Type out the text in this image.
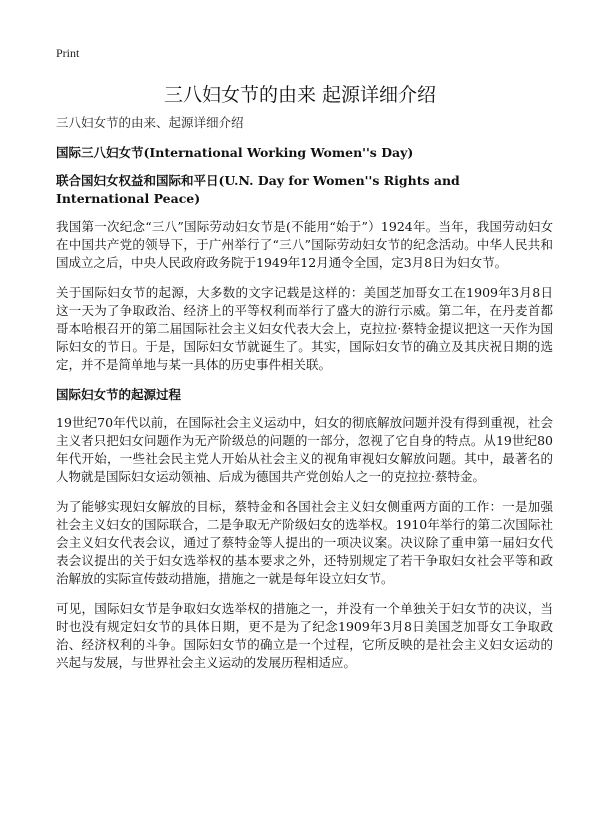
Print
三八妇女节的由来 起源详细介绍

三八妇女节的由来、起源详细介绍

国际三八妇女节(International Working Women''s Day)

联合国妇女权益和国际和平日(U.N. Day for Women''s Rights and International Peace)

我国第一次纪念“三八”国际劳动妇女节是(不能用“始于”）1924年。当年，我国劳动妇女在中国共产党的领导下，于广州举行了“三八”国际劳动妇女节的纪念活动。中华人民共和国成立之后，中央人民政府政务院于1949年12月通令全国，定3月8日为妇女节。

关于国际妇女节的起源，大多数的文字记载是这样的：美国芝加哥女工在1909年3月8日这一天为了争取政治、经济上的平等权利而举行了盛大的游行示威。第二年，在丹麦首都哥本哈根召开的第二届国际社会主义妇女代表大会上，克拉拉·蔡特金提议把这一天作为国际妇女的节日。于是，国际妇女节就诞生了。其实，国际妇女节的确立及其庆祝日期的选定，并不是简单地与某一具体的历史事件相关联。

国际妇女节的起源过程

19世纪70年代以前，在国际社会主义运动中，妇女的彻底解放问题并没有得到重视，社会主义者只把妇女问题作为无产阶级总的问题的一部分，忽视了它自身的特点。从19世纪80年代开始，一些社会民主党人开始从社会主义的视角审视妇女解放问题。其中，最著名的人物就是国际妇女运动领袖、后成为德国共产党创始人之一的克拉拉·蔡特金。

为了能够实现妇女解放的目标，蔡特金和各国社会主义妇女侧重两方面的工作：一是加强社会主义妇女的国际联合，二是争取无产阶级妇女的选举权。1910年举行的第二次国际社会主义妇女代表会议，通过了蔡特金等人提出的一项决议案。决议除了重申第一届妇女代表会议提出的关于妇女选举权的基本要求之外，还特别规定了若干争取妇女社会平等和政治解放的实际宣传鼓动措施，措施之一就是每年设立妇女节。

可见，国际妇女节是争取妇女选举权的措施之一，并没有一个单独关于妇女节的决议，当时也没有规定妇女节的具体日期，更不是为了纪念1909年3月8日美国芝加哥女工争取政治、经济权利的斗争。国际妇女节的确立是一个过程，它所反映的是社会主义妇女运动的兴起与发展，与世界社会主义运动的发展历程相适应。
